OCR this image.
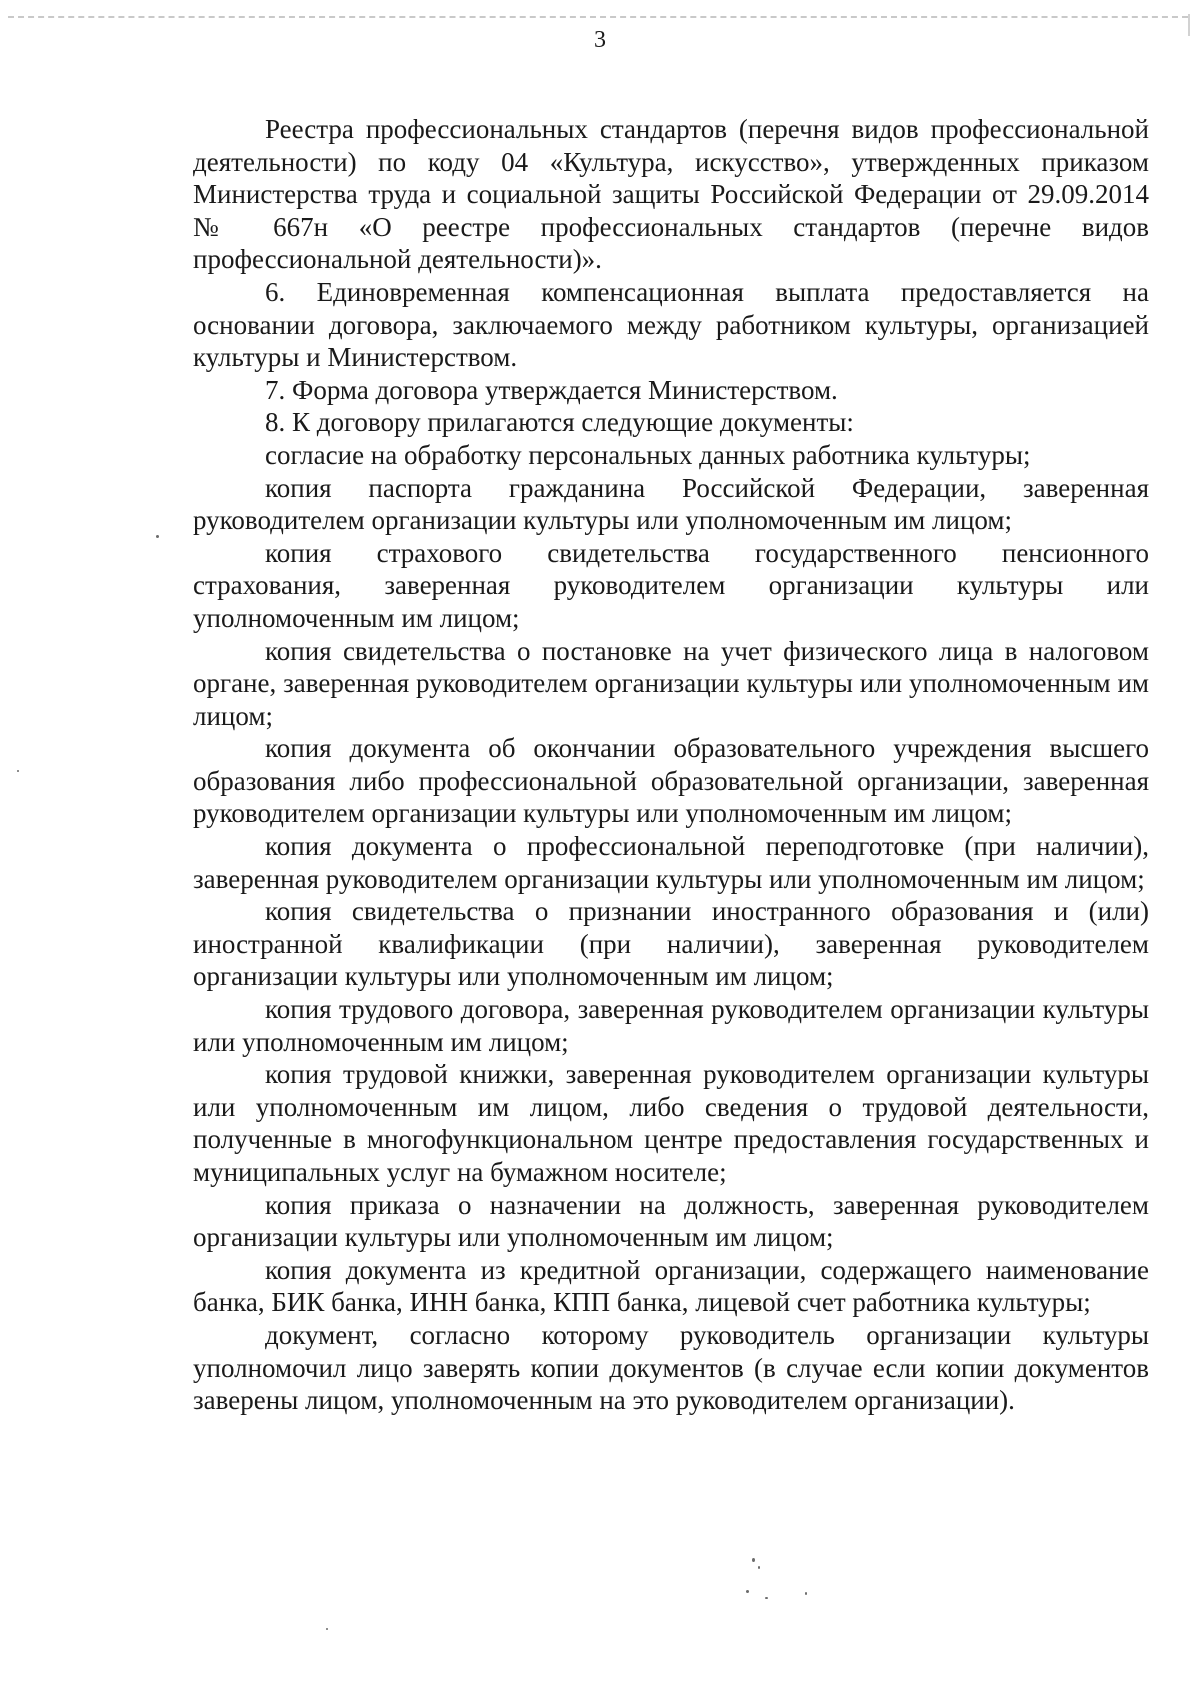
3

Реестра профессиональных стандартов (перечня видов профессиональной деятельности) по коду 04 «Культура, искусство», утвержденных приказом Министерства труда и социальной защиты Российской Федерации от 29.09.2014 № 667н «О реестре профессиональных стандартов (перечне видов профессиональной деятельности)».

6. Единовременная компенсационная выплата предоставляется на основании договора, заключаемого между работником культуры, организацией культуры и Министерством.

7. Форма договора утверждается Министерством.

8. К договору прилагаются следующие документы:

согласие на обработку персональных данных работника культуры;

копия паспорта гражданина Российской Федерации, заверенная руководителем организации культуры или уполномоченным им лицом;

копия страхового свидетельства государственного пенсионного страхования, заверенная руководителем организации культуры или уполномоченным им лицом;

копия свидетельства о постановке на учет физического лица в налоговом органе, заверенная руководителем организации культуры или уполномоченным им лицом;

копия документа об окончании образовательного учреждения высшего образования либо профессиональной образовательной организации, заверенная руководителем организации культуры или уполномоченным им лицом;

копия документа о профессиональной переподготовке (при наличии), заверенная руководителем организации культуры или уполномоченным им лицом;

копия свидетельства о признании иностранного образования и (или) иностранной квалификации (при наличии), заверенная руководителем организации культуры или уполномоченным им лицом;

копия трудового договора, заверенная руководителем организации культуры или уполномоченным им лицом;

копия трудовой книжки, заверенная руководителем организации культуры или уполномоченным им лицом, либо сведения о трудовой деятельности, полученные в многофункциональном центре предоставления государственных и муниципальных услуг на бумажном носителе;

копия приказа о назначении на должность, заверенная руководителем организации культуры или уполномоченным им лицом;

копия документа из кредитной организации, содержащего наименование банка, БИК банка, ИНН банка, КПП банка, лицевой счет работника культуры;

документ, согласно которому руководитель организации культуры уполномочил лицо заверять копии документов (в случае если копии документов заверены лицом, уполномоченным на это руководителем организации).
